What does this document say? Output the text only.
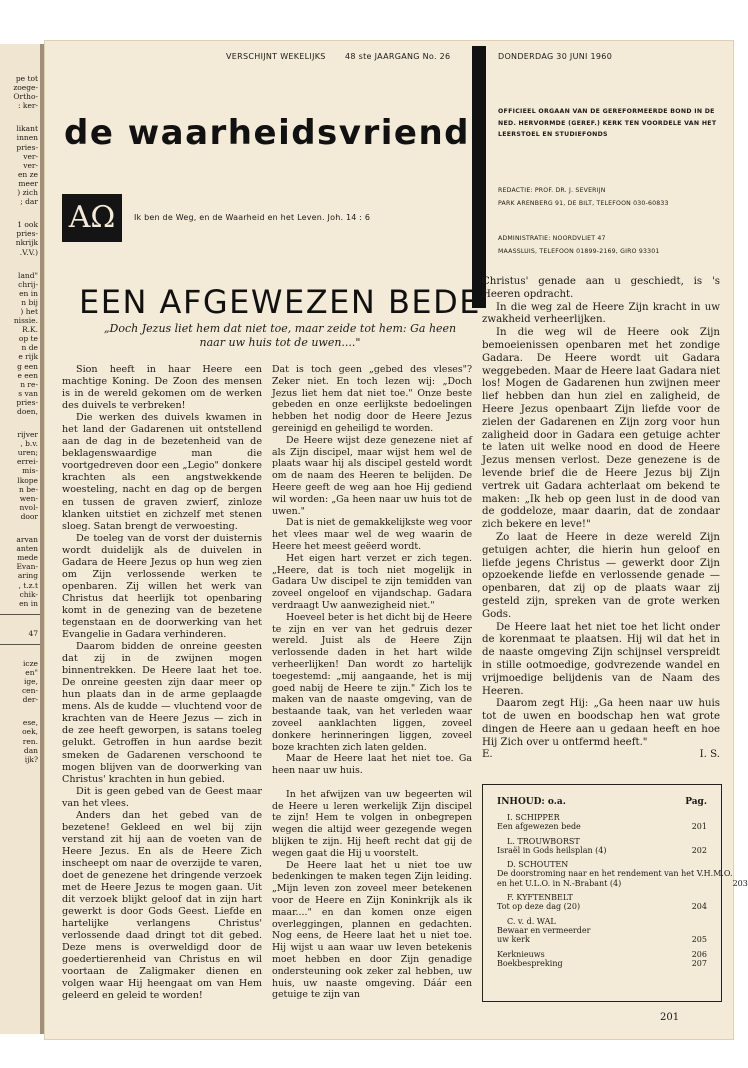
pe tot
zoege-
Ortho-
: ker-
likant
innen
pries-
ver-
ver-
en ze
meer
) zich
; dar
1 ook
pries-
nkrijk
.V.V.)
land"
chrij-
en in
n bij
) het
nissie.
R.K.
op te
n de
e rijk
g een
e een
n re-
s van
pries-
doen,
rijver
, b.v.
uren;
errei-
mis-
lkope
n be-
wen-
nvol-
door
arvan
anten
mede
Evan-
aring
, t.z.t
chik-
en in
47
icze
en"
ige,
cen-
der-
ese,
oek,
ren.
dan
ijk?
VERSCHIJNT WEKELIJKS 48 ste JAARGANG No. 26	DONDERDAG 30 JUNI 1960
de waarheidsvriend
OFFICIEEL ORGAAN VAN DE GEREFORMEERDE BOND IN DE NED. HERVORMDE (GEREF.) KERK TEN VOORDELE VAN HET LEERSTOEL EN STUDIEFONDS
REDACTIE: PROF. DR. J. SEVERIJN
PARK ARENBERG 91, DE BILT, TELEFOON 030-60833
ADMINISTRATIE: NOORDVLIET 47
MAASSLUIS, TELEFOON 01899-2169, GIRO 93301
AΩ	Ik ben de Weg, en de Waarheid en het Leven. Joh. 14 : 6
EEN AFGEWEZEN BEDE
„Doch Jezus liet hem dat niet toe, maar zeide tot hem: Ga heen naar uw huis tot de uwen...."

Sion heeft in haar Heere een machtige Koning. De Zoon des mensen is in de wereld gekomen om de werken des duivels te verbreken!

Die werken des duivels kwamen in het land der Gadarenen uit ontstellend aan de dag in de bezetenheid van de beklagenswaardige man die voortgedreven door een „Legio" donkere krachten als een angstwekkende woesteling, nacht en dag op de bergen en tussen de graven zwierf, zinloze klanken uitstiet en zichzelf met stenen sloeg. Satan brengt de verwoesting.

De toeleg van de vorst der duisternis wordt duidelijk als de duivelen in Gadara de Heere Jezus op hun weg zien om Zijn verlossende werken te openbaren. Zij willen het werk van Christus dat heerlijk tot openbaring komt in de genezing van de bezetene tegenstaan en de doorwerking van het Evangelie in Gadara verhinderen.

Daarom bidden de onreine geesten dat zij in de zwijnen mogen binnentrekken. De Heere laat het toe. De onreine geesten zijn daar meer op hun plaats dan in de arme geplaagde mens. Als de kudde — vluchtend voor de krachten van de Heere Jezus — zich in de zee heeft geworpen, is satans toeleg gelukt. Getroffen in hun aardse bezit smeken de Gadarenen verschoond te mogen blijven van de doorwerking van Christus' krachten in hun gebied.

Dit is geen gebed van de Geest maar van het vlees.

Anders dan het gebed van de bezetene! Gekleed en wel bij zijn verstand zit hij aan de voeten van de Heere Jezus. En als de Heere Zich inscheept om naar de overzijde te varen, doet de genezene het dringende verzoek met de Heere Jezus te mogen gaan. Uit dit verzoek blijkt geloof dat in zijn hart gewerkt is door Gods Geest. Liefde en hartelijke verlangens Christus' verlossende daad dringt tot dit gebed. Deze mens is overweldigd door de goedertierenheid van Christus en wil voortaan de Zaligmaker dienen en volgen waar Hij heengaat om van Hem geleerd en geleid te worden!

Dat is toch geen „gebed des vleses"? Zeker niet. En toch lezen wij: „Doch Jezus liet hem dat niet toe." Onze beste gebeden en onze eerlijkste bedoelingen hebben het nodig door de Heere Jezus gereinigd en geheiligd te worden.

De Heere wijst deze genezene niet af als Zijn discipel, maar wijst hem wel de plaats waar hij als discipel gesteld wordt om de naam des Heeren te belijden. De Heere geeft de weg aan hoe Hij gediend wil worden: „Ga heen naar uw huis tot de uwen."

Dat is niet de gemakkelijkste weg voor het vlees maar wel de weg waarin de Heere het meest geëerd wordt.

Het eigen hart verzet er zich tegen. „Heere, dat is toch niet mogelijk in Gadara Uw discipel te zijn temidden van zoveel ongeloof en vijandschap. Gadara verdraagt Uw aanwezigheid niet."

Hoeveel beter is het dicht bij de Heere te zijn en ver van het gedruis dezer wereld. Juist als de Heere Zijn verlossende daden in het hart wilde verheerlijken! Dan wordt zo hartelijk toegestemd: „mij aangaande, het is mij goed nabij de Heere te zijn." Zich los te maken van de naaste omgeving, van de bestaande taak, van het verleden waar zoveel aanklachten liggen, zoveel donkere herinneringen liggen, zoveel boze krachten zich laten gelden.

Maar de Heere laat het niet toe. Ga heen naar uw huis.

In het afwijzen van uw begeerten wil de Heere u leren werkelijk Zijn discipel te zijn! Hem te volgen in onbegrepen wegen die altijd weer gezegende wegen blijken te zijn. Hij heeft recht dat gij de wegen gaat die Hij u voorstelt.

De Heere laat het u niet toe uw bedenkingen te maken tegen Zijn leiding. „Mijn leven zon zoveel meer betekenen voor de Heere en Zijn Koninkrijk als ik maar...." en dan komen onze eigen overleggingen, plannen en gedachten. Nog eens, de Heere laat het u niet toe. Hij wijst u aan waar uw leven betekenis moet hebben en door Zijn genadige ondersteuning ook zeker zal hebben, uw huis, uw naaste omgeving. Dáár een getuige te zijn van

Christus' genade aan u geschiedt, is 's Heeren opdracht.

In die weg zal de Heere Zijn kracht in uw zwakheid verheerlijken.

In die weg wil de Heere ook Zijn bemoeienissen openbaren met het zondige Gadara. De Heere wordt uit Gadara weggebeden. Maar de Heere laat Gadara niet los! Mogen de Gadarenen hun zwijnen meer lief hebben dan hun ziel en zaligheid, de Heere Jezus openbaart Zijn liefde voor de zielen der Gadarenen en Zijn zorg voor hun zaligheid door in Gadara een getuige achter te laten uit welke nood en dood de Heere Jezus mensen verlost. Deze genezene is de levende brief die de Heere Jezus bij Zijn vertrek uit Gadara achterlaat om bekend te maken: „Ik heb op geen lust in de dood van de goddeloze, maar daarin, dat de zondaar zich bekere en leve!"

Zo laat de Heere in deze wereld Zijn getuigen achter, die hierin hun geloof en liefde jegens Christus — gewerkt door Zijn opzoekende liefde en verlossende genade — openbaren, dat zij op de plaats waar zij gesteld zijn, spreken van de grote werken Gods.

De Heere laat het niet toe het licht onder de korenmaat te plaatsen. Hij wil dat het in de naaste omgeving Zijn schijnsel verspreidt in stille ootmoedige, godvrezende wandel en vrijmoedige belijdenis van de Naam des Heeren.

Daarom zegt Hij: „Ga heen naar uw huis tot de uwen en boodschap hen wat grote dingen de Heere aan u gedaan heeft en hoe Hij Zich over u ontfermd heeft."

E.	I. S.
INHOUD: o.a.	Pag.
I. SCHIPPER
Een afgewezen bede	201
L. TROUWBORST
Israël in Gods heilsplan (4)	202
D. SCHOUTEN
De doorstroming naar en het rendement van het V.H.M.O.
en het U.L.O. in N.-Brabant (4)	203
F. KYFTENBELT
Tot op deze dag (20)	204
C. v. d. WAL
Bewaar en vermeerder
uw kerk	205
Kerknieuws	206
Boekbespreking	207
201
